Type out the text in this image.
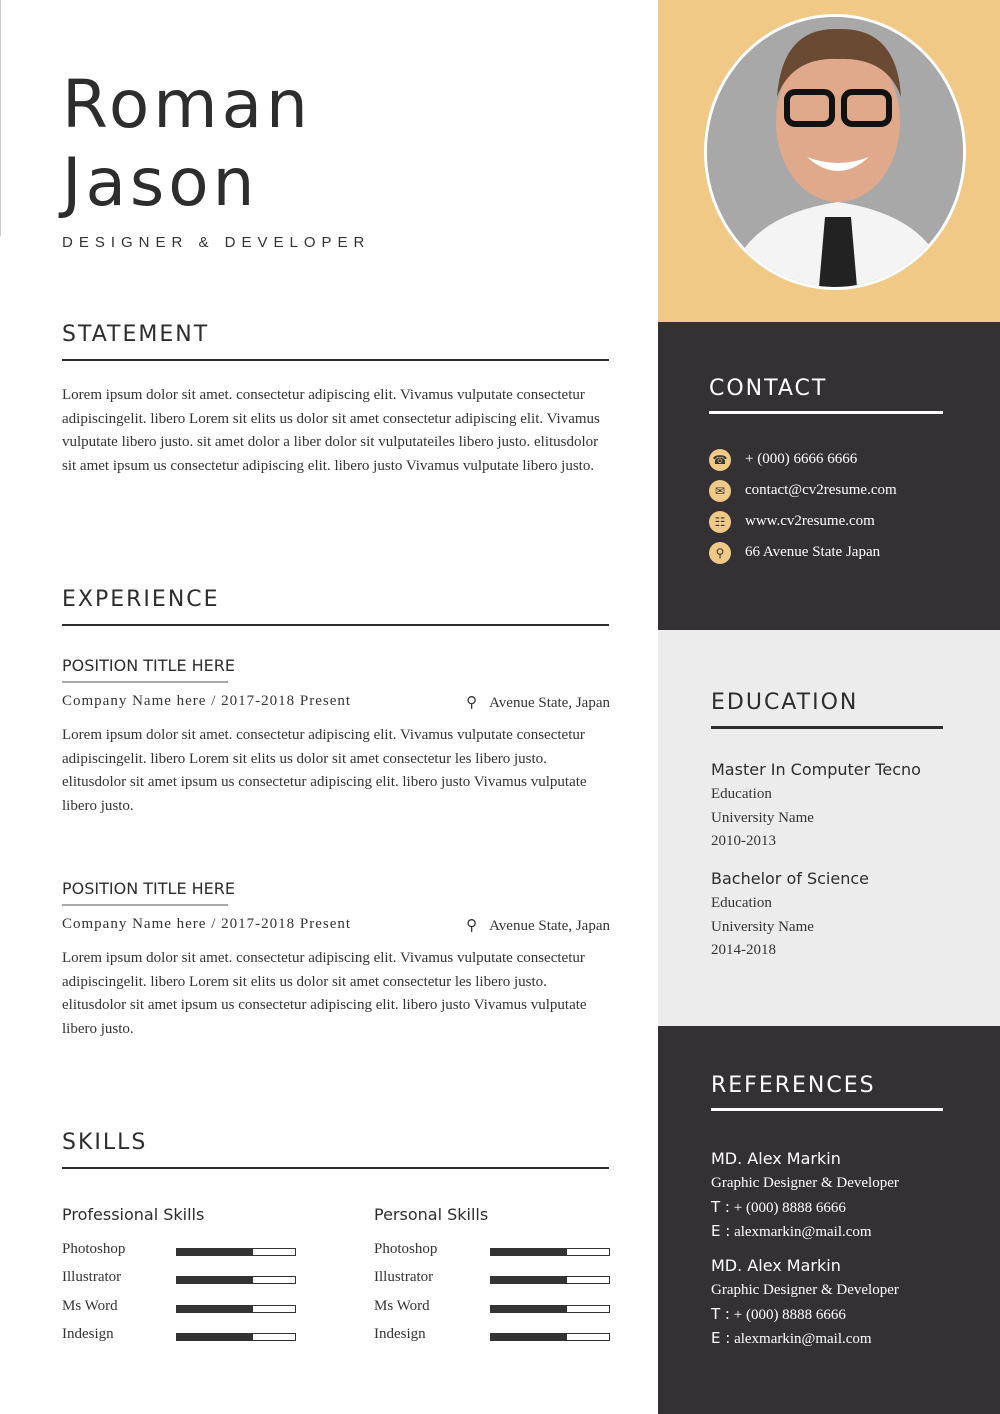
Roman
Jason
DESIGNER & DEVELOPER
STATEMENT
Lorem ipsum dolor sit amet. consectetur adipiscing elit. Vivamus vulputate consectetur adipiscingelit. libero Lorem sit elits us dolor sit amet consectetur adipiscing elit. Vivamus vulputate libero justo. sit amet dolor a liber dolor sit vulputateiles libero justo. elitusdolor sit amet ipsum us consectetur adipiscing elit. libero justo Vivamus vulputate libero justo.
EXPERIENCE
POSITION TITLE HERE
Company Name here / 2017-2018 Present	⚲ Avenue State, Japan
Lorem ipsum dolor sit amet. consectetur adipiscing elit. Vivamus vulputate consectetur adipiscingelit. libero Lorem sit elits us dolor sit amet consectetur les libero justo. elitusdolor sit amet ipsum us consectetur adipiscing elit. libero justo Vivamus vulputate libero justo.
POSITION TITLE HERE
Company Name here / 2017-2018 Present	⚲ Avenue State, Japan
Lorem ipsum dolor sit amet. consectetur adipiscing elit. Vivamus vulputate consectetur adipiscingelit. libero Lorem sit elits us dolor sit amet consectetur les libero justo. elitusdolor sit amet ipsum us consectetur adipiscing elit. libero justo Vivamus vulputate libero justo.
SKILLS
CONTACT
EDUCATION
REFERENCES
Professional Skills
Photoshop
Illustrator
Ms Word
Indesign
Personal Skills
Photoshop
Illustrator
Ms Word
Indesign
☎ + (000) 6666 6666
✉	contact@cv2resume.com
☷	www.cv2resume.com
⚲	66 Avenue State Japan
Master In Computer Tecno
Education
University Name
2010-2013
Bachelor of Science
Education
University Name
2014-2018
MD. Alex Markin
Graphic Designer & Developer
T : + (000) 8888 6666
E : alexmarkin@mail.com
MD. Alex Markin
Graphic Designer & Developer
T : + (000) 8888 6666
E : alexmarkin@mail.com
